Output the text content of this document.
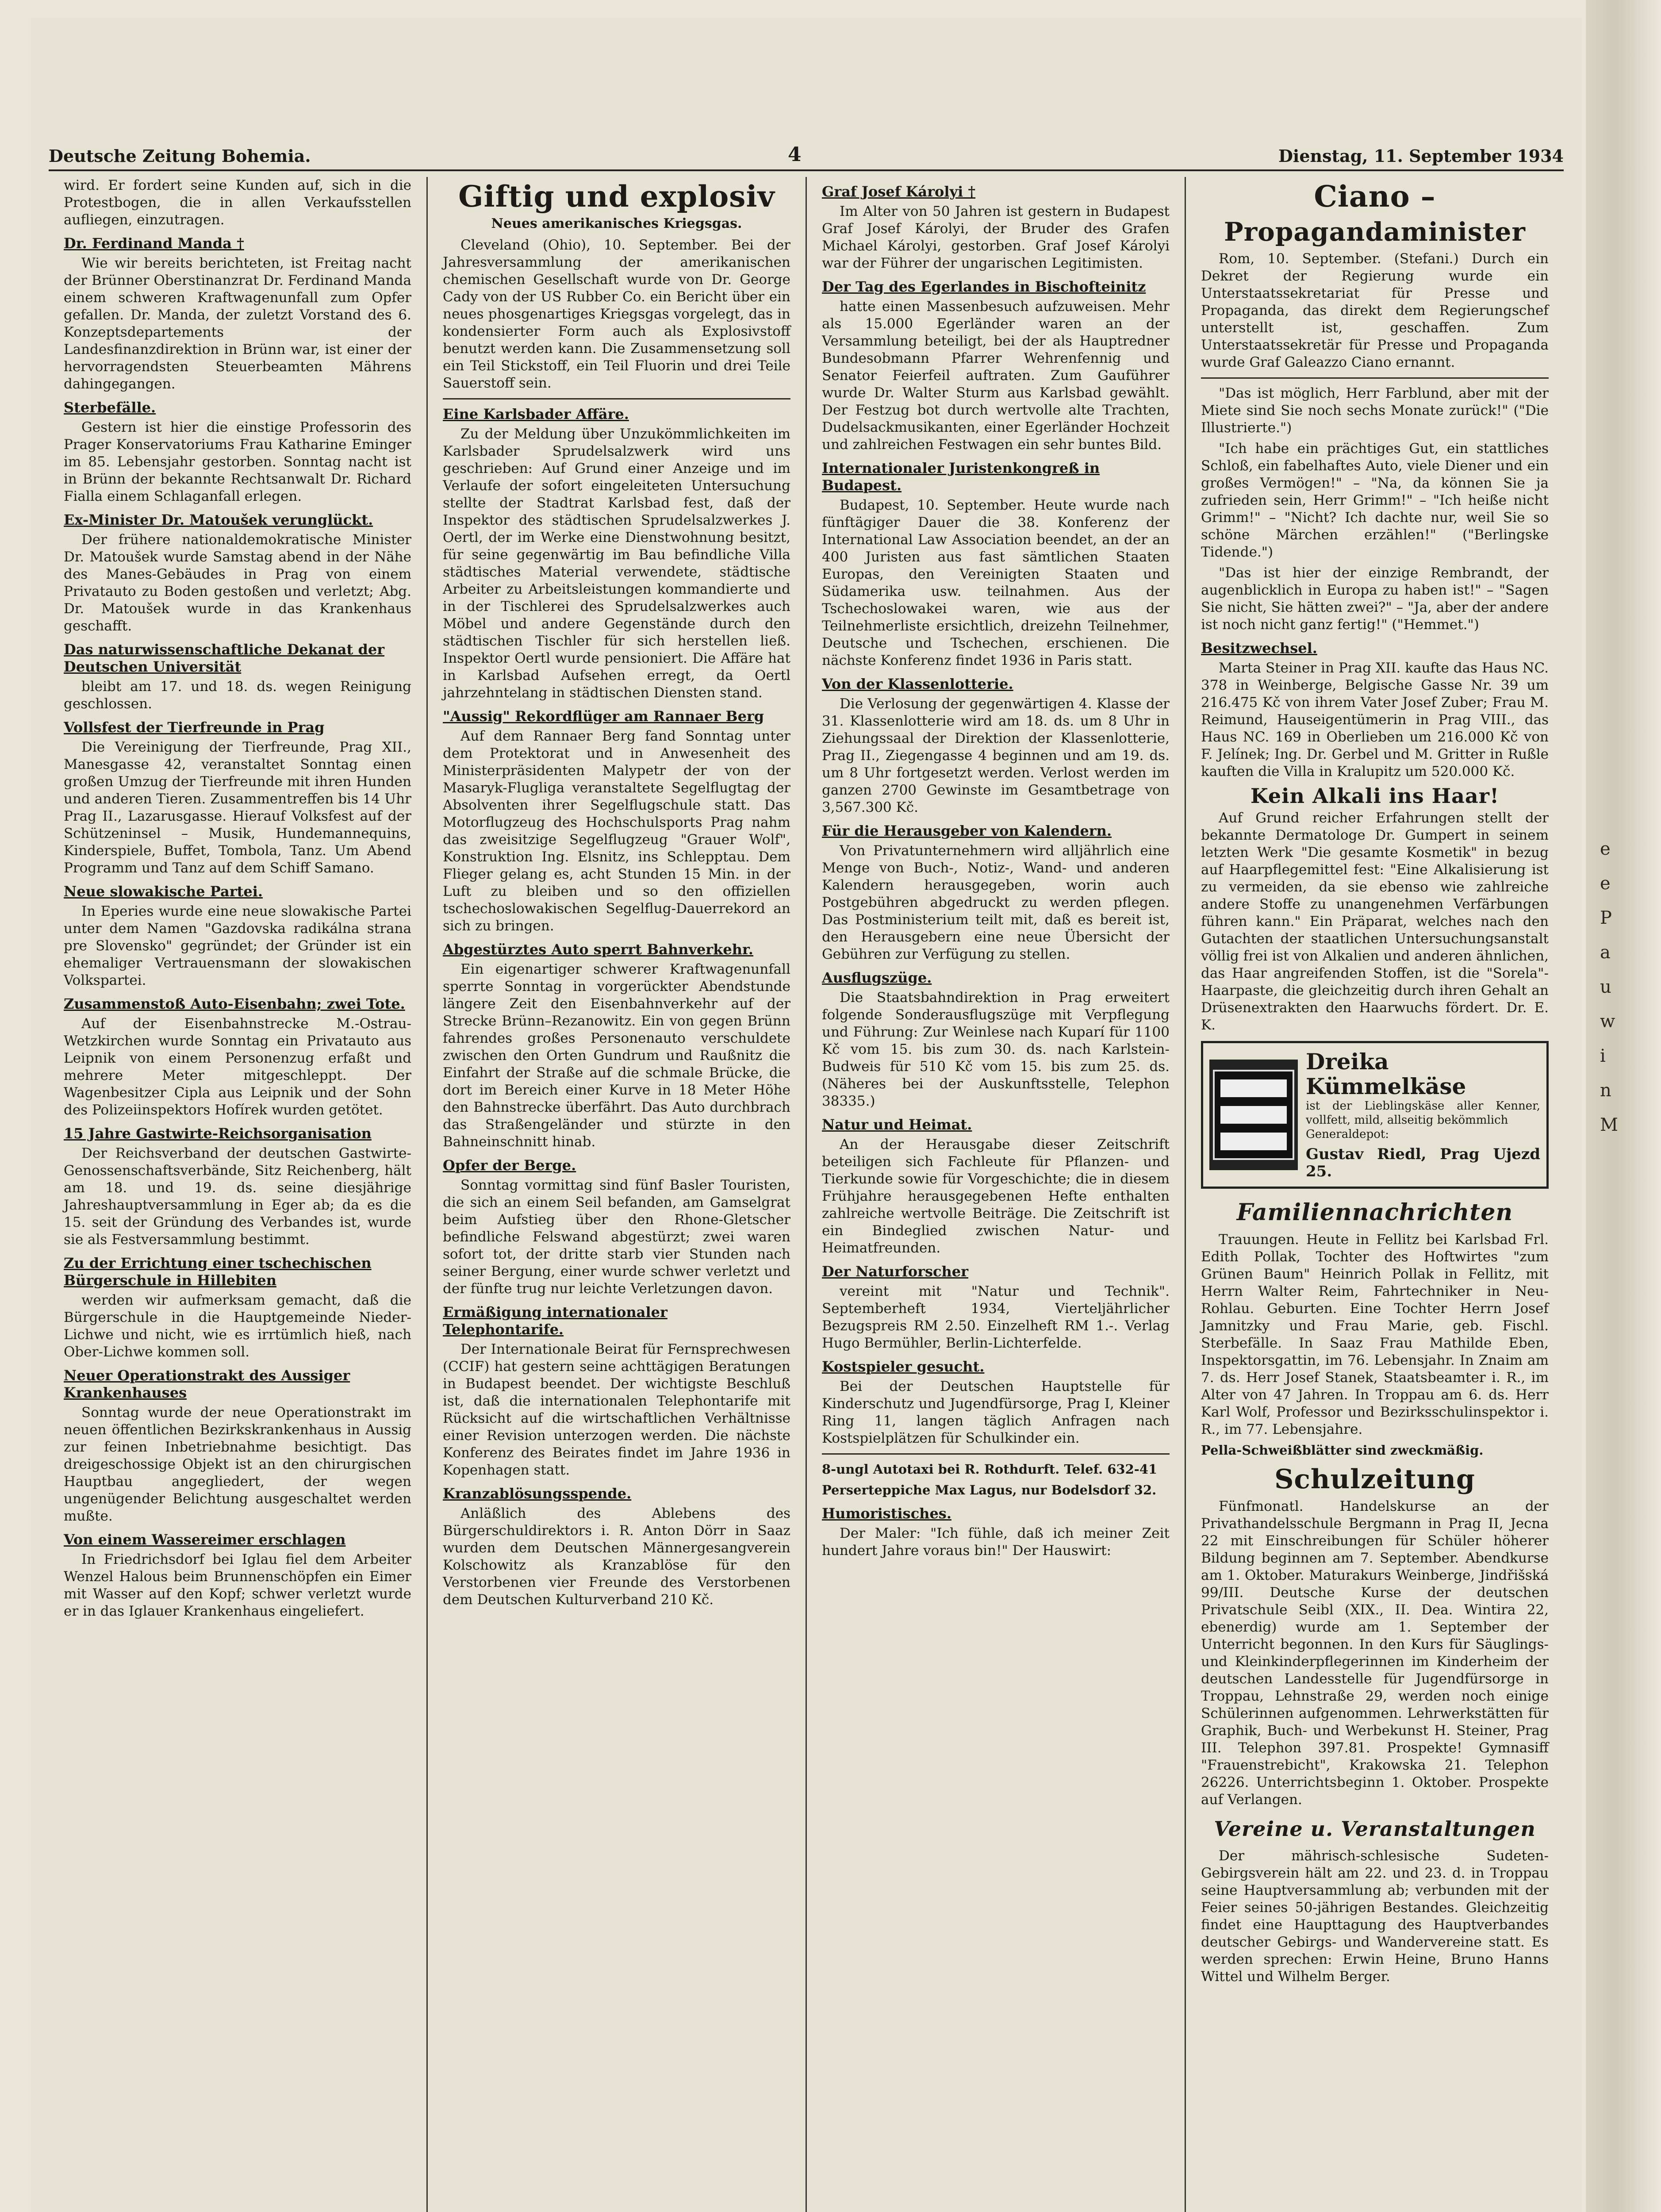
Deutsche Zeitung Bohemia.	4	Dienstag, 11. September 1934

wird. Er fordert seine Kunden auf, sich in die Protestbogen, die in allen Verkaufsstellen aufliegen, einzutragen.

Dr. Ferdinand Manda †

Wie wir bereits berichteten, ist Freitag nacht der Brünner Oberstinanzrat Dr. Ferdinand Manda einem schweren Kraftwagenunfall zum Opfer gefallen. Dr. Manda, der zuletzt Vorstand des 6. Konzeptsdepartements der Landesfinanzdirektion in Brünn war, ist einer der hervorragendsten Steuerbeamten Mährens dahingegangen.

Sterbefälle.

Gestern ist hier die einstige Professorin des Prager Konservatoriums Frau Katharine Eminger im 85. Lebensjahr gestorben. Sonntag nacht ist in Brünn der bekannte Rechtsanwalt Dr. Richard Fialla einem Schlaganfall erlegen.

Ex-Minister Dr. Matoušek verunglückt.

Der frühere nationaldemokratische Minister Dr. Matoušek wurde Samstag abend in der Nähe des Manes-Gebäudes in Prag von einem Privatauto zu Boden gestoßen und verletzt; Abg. Dr. Matoušek wurde in das Krankenhaus geschafft.

Das naturwissenschaftliche Dekanat der Deutschen Universität

bleibt am 17. und 18. ds. wegen Reinigung geschlossen.

Vollsfest der Tierfreunde in Prag

Die Vereinigung der Tierfreunde, Prag XII., Manesgasse 42, veranstaltet Sonntag einen großen Umzug der Tierfreunde mit ihren Hunden und anderen Tieren. Zusammentreffen bis 14 Uhr Prag II., Lazarusgasse. Hierauf Volksfest auf der Schützeninsel – Musik, Hundemannequins, Kinderspiele, Buffet, Tombola, Tanz. Um Abend Programm und Tanz auf dem Schiff Samano.

Neue slowakische Partei.

In Eperies wurde eine neue slowakische Partei unter dem Namen "Gazdovska radikálna strana pre Slovensko" gegründet; der Gründer ist ein ehemaliger Vertrauensmann der slowakischen Volkspartei.

Zusammenstoß Auto-Eisenbahn; zwei Tote.

Auf der Eisenbahnstrecke M.-Ostrau-Wetzkirchen wurde Sonntag ein Privatauto aus Leipnik von einem Personenzug erfaßt und mehrere Meter mitgeschleppt. Der Wagenbesitzer Cipla aus Leipnik und der Sohn des Polizeiinspektors Hofírek wurden getötet.

15 Jahre Gastwirte-Reichsorganisation

Der Reichsverband der deutschen Gastwirte-Genossenschaftsverbände, Sitz Reichenberg, hält am 18. und 19. ds. seine diesjährige Jahreshauptversammlung in Eger ab; da es die 15. seit der Gründung des Verbandes ist, wurde sie als Festversammlung bestimmt.

Zu der Errichtung einer tschechischen Bürgerschule in Hillebiten

werden wir aufmerksam gemacht, daß die Bürgerschule in die Hauptgemeinde Nieder-Lichwe und nicht, wie es irrtümlich hieß, nach Ober-Lichwe kommen soll.

Neuer Operationstrakt des Aussiger Krankenhauses

Sonntag wurde der neue Operationstrakt im neuen öffentlichen Bezirkskrankenhaus in Aussig zur feinen Inbetriebnahme besichtigt. Das dreigeschossige Objekt ist an den chirurgischen Hauptbau angegliedert, der wegen ungenügender Belichtung ausgeschaltet werden mußte.

Von einem Wassereimer erschlagen

In Friedrichsdorf bei Iglau fiel dem Arbeiter Wenzel Halous beim Brunnenschöpfen ein Eimer mit Wasser auf den Kopf; schwer verletzt wurde er in das Iglauer Krankenhaus eingeliefert.

Giftig und explosiv
Neues amerikanisches Kriegsgas.

Cleveland (Ohio), 10. September. Bei der Jahresversammlung der amerikanischen chemischen Gesellschaft wurde von Dr. George Cady von der US Rubber Co. ein Bericht über ein neues phosgenartiges Kriegsgas vorgelegt, das in kondensierter Form auch als Explosivstoff benutzt werden kann. Die Zusammensetzung soll ein Teil Stickstoff, ein Teil Fluorin und drei Teile Sauerstoff sein.

Eine Karlsbader Affäre.

Zu der Meldung über Unzukömmlichkeiten im Karlsbader Sprudelsalzwerk wird uns geschrieben: Auf Grund einer Anzeige und im Verlaufe der sofort eingeleiteten Untersuchung stellte der Stadtrat Karlsbad fest, daß der Inspektor des städtischen Sprudelsalzwerkes J. Oertl, der im Werke eine Dienstwohnung besitzt, für seine gegenwärtig im Bau befindliche Villa städtisches Material verwendete, städtische Arbeiter zu Arbeitsleistungen kommandierte und in der Tischlerei des Sprudelsalzwerkes auch Möbel und andere Gegenstände durch den städtischen Tischler für sich herstellen ließ. Inspektor Oertl wurde pensioniert. Die Affäre hat in Karlsbad Aufsehen erregt, da Oertl jahrzehntelang in städtischen Diensten stand.

"Aussig" Rekordflüger am Rannaer Berg

Auf dem Rannaer Berg fand Sonntag unter dem Protektorat und in Anwesenheit des Ministerpräsidenten Malypetr der von der Masaryk-Flugliga veranstaltete Segelflugtag der Absolventen ihrer Segelflugschule statt. Das Motorflugzeug des Hochschulsports Prag nahm das zweisitzige Segelflugzeug "Grauer Wolf", Konstruktion Ing. Elsnitz, ins Schlepptau. Dem Flieger gelang es, acht Stunden 15 Min. in der Luft zu bleiben und so den offiziellen tschechoslowakischen Segelflug-Dauerrekord an sich zu bringen.

Abgestürztes Auto sperrt Bahnverkehr.

Ein eigenartiger schwerer Kraftwagenunfall sperrte Sonntag in vorgerückter Abendstunde längere Zeit den Eisenbahnverkehr auf der Strecke Brünn–Rezanowitz. Ein von gegen Brünn fahrendes großes Personenauto verschuldete zwischen den Orten Gundrum und Raußnitz die Einfahrt der Straße auf die schmale Brücke, die dort im Bereich einer Kurve in 18 Meter Höhe den Bahnstrecke überfährt. Das Auto durchbrach das Straßengeländer und stürzte in den Bahneinschnitt hinab.

Opfer der Berge.

Sonntag vormittag sind fünf Basler Touristen, die sich an einem Seil befanden, am Gamselgrat beim Aufstieg über den Rhone-Gletscher befindliche Felswand abgestürzt; zwei waren sofort tot, der dritte starb vier Stunden nach seiner Bergung, einer wurde schwer verletzt und der fünfte trug nur leichte Verletzungen davon.

Ermäßigung internationaler Telephontarife.

Der Internationale Beirat für Fernsprechwesen (CCIF) hat gestern seine achttägigen Beratungen in Budapest beendet. Der wichtigste Beschluß ist, daß die internationalen Telephontarife mit Rücksicht auf die wirtschaftlichen Verhältnisse einer Revision unterzogen werden. Die nächste Konferenz des Beirates findet im Jahre 1936 in Kopenhagen statt.

Kranzablösungsspende.

Anläßlich des Ablebens des Bürgerschuldirektors i. R. Anton Dörr in Saaz wurden dem Deutschen Männergesangverein Kolschowitz als Kranzablöse für den Verstorbenen vier Freunde des Verstorbenen dem Deutschen Kulturverband 210 Kč.

Graf Josef Károlyi †

Im Alter von 50 Jahren ist gestern in Budapest Graf Josef Károlyi, der Bruder des Grafen Michael Károlyi, gestorben. Graf Josef Károlyi war der Führer der ungarischen Legitimisten.

Der Tag des Egerlandes in Bischofteinitz

hatte einen Massenbesuch aufzuweisen. Mehr als 15.000 Egerländer waren an der Versammlung beteiligt, bei der als Hauptredner Bundesobmann Pfarrer Wehrenfennig und Senator Feierfeil auftraten. Zum Gauführer wurde Dr. Walter Sturm aus Karlsbad gewählt. Der Festzug bot durch wertvolle alte Trachten, Dudelsackmusikanten, einer Egerländer Hochzeit und zahlreichen Festwagen ein sehr buntes Bild.

Internationaler Juristenkongreß in Budapest.

Budapest, 10. September. Heute wurde nach fünftägiger Dauer die 38. Konferenz der International Law Association beendet, an der an 400 Juristen aus fast sämtlichen Staaten Europas, den Vereinigten Staaten und Südamerika usw. teilnahmen. Aus der Tschechoslowakei waren, wie aus der Teilnehmerliste ersichtlich, dreizehn Teilnehmer, Deutsche und Tschechen, erschienen. Die nächste Konferenz findet 1936 in Paris statt.

Von der Klassenlotterie.

Die Verlosung der gegenwärtigen 4. Klasse der 31. Klassenlotterie wird am 18. ds. um 8 Uhr in Ziehungssaal der Direktion der Klassenlotterie, Prag II., Ziegengasse 4 beginnen und am 19. ds. um 8 Uhr fortgesetzt werden. Verlost werden im ganzen 2700 Gewinste im Gesamtbetrage von 3,567.300 Kč.

Für die Herausgeber von Kalendern.

Von Privatunternehmern wird alljährlich eine Menge von Buch-, Notiz-, Wand- und anderen Kalendern herausgegeben, worin auch Postgebühren abgedruckt zu werden pflegen. Das Postministerium teilt mit, daß es bereit ist, den Herausgebern eine neue Übersicht der Gebühren zur Verfügung zu stellen.

Ausflugszüge.

Die Staatsbahndirektion in Prag erweitert folgende Sonderausflugszüge mit Verpflegung und Führung: Zur Weinlese nach Kuparí für 1100 Kč vom 15. bis zum 30. ds. nach Karlstein-Budweis für 510 Kč vom 15. bis zum 25. ds. (Näheres bei der Auskunftsstelle, Telephon 38335.)

Natur und Heimat.

An der Herausgabe dieser Zeitschrift beteiligen sich Fachleute für Pflanzen- und Tierkunde sowie für Vorgeschichte; die in diesem Frühjahre herausgegebenen Hefte enthalten zahlreiche wertvolle Beiträge. Die Zeitschrift ist ein Bindeglied zwischen Natur- und Heimatfreunden.

Der Naturforscher

vereint mit "Natur und Technik". Septemberheft 1934, Vierteljährlicher Bezugspreis RM 2.50. Einzelheft RM 1.-. Verlag Hugo Bermühler, Berlin-Lichterfelde.

Kostspieler gesucht.

Bei der Deutschen Hauptstelle für Kinderschutz und Jugendfürsorge, Prag I, Kleiner Ring 11, langen täglich Anfragen nach Kostspielplätzen für Schulkinder ein.

8-ungl Autotaxi bei R. Rothdurft. Telef. 632-41

Perserteppiche Max Lagus, nur Bodelsdorf 32.

Humoristisches.

Der Maler: "Ich fühle, daß ich meiner Zeit hundert Jahre voraus bin!" Der Hauswirt:

Ciano –
Propagandaminister

Rom, 10. September. (Stefani.) Durch ein Dekret der Regierung wurde ein Unterstaatssekretariat für Presse und Propaganda, das direkt dem Regierungschef unterstellt ist, geschaffen. Zum Unterstaatssekretär für Presse und Propaganda wurde Graf Galeazzo Ciano ernannt.

"Das ist möglich, Herr Farblund, aber mit der Miete sind Sie noch sechs Monate zurück!" ("Die Illustrierte.")

"Ich habe ein prächtiges Gut, ein stattliches Schloß, ein fabelhaftes Auto, viele Diener und ein großes Vermögen!" – "Na, da können Sie ja zufrieden sein, Herr Grimm!" – "Ich heiße nicht Grimm!" – "Nicht? Ich dachte nur, weil Sie so schöne Märchen erzählen!" ("Berlingske Tidende.")

"Das ist hier der einzige Rembrandt, der augenblicklich in Europa zu haben ist!" – "Sagen Sie nicht, Sie hätten zwei?" – "Ja, aber der andere ist noch nicht ganz fertig!" ("Hemmet.")

Besitzwechsel.

Marta Steiner in Prag XII. kaufte das Haus NC. 378 in Weinberge, Belgische Gasse Nr. 39 um 216.475 Kč von ihrem Vater Josef Zuber; Frau M. Reimund, Hauseigentümerin in Prag VIII., das Haus NC. 169 in Oberlieben um 216.000 Kč von F. Jelínek; Ing. Dr. Gerbel und M. Gritter in Rußle kauften die Villa in Kralupitz um 520.000 Kč.

Kein Alkali ins Haar!

Auf Grund reicher Erfahrungen stellt der bekannte Dermatologe Dr. Gumpert in seinem letzten Werk "Die gesamte Kosmetik" in bezug auf Haarpflegemittel fest: "Eine Alkalisierung ist zu vermeiden, da sie ebenso wie zahlreiche andere Stoffe zu unangenehmen Verfärbungen führen kann." Ein Präparat, welches nach den Gutachten der staatlichen Untersuchungsanstalt völlig frei ist von Alkalien und anderen ähnlichen, das Haar angreifenden Stoffen, ist die "Sorela"-Haarpaste, die gleichzeitig durch ihren Gehalt an Drüsenextrakten den Haarwuchs fördert. Dr. E. K.

Dreika Kümmelkäse
ist der Lieblingskäse aller Kenner, vollfett, mild, allseitig bekömmlich
Generaldepot:
Gustav Riedl, Prag Ujezd 25.
Familiennachrichten

Trauungen. Heute in Fellitz bei Karlsbad Frl. Edith Pollak, Tochter des Hoftwirtes "zum Grünen Baum" Heinrich Pollak in Fellitz, mit Herrn Walter Reim, Fahrtechniker in Neu-Rohlau. Geburten. Eine Tochter Herrn Josef Jamnitzky und Frau Marie, geb. Fischl. Sterbefälle. In Saaz Frau Mathilde Eben, Inspektorsgattin, im 76. Lebensjahr. In Znaim am 7. ds. Herr Josef Stanek, Staatsbeamter i. R., im Alter von 47 Jahren. In Troppau am 6. ds. Herr Karl Wolf, Professor und Bezirksschulinspektor i. R., im 77. Lebensjahre.

Pella-Schweißblätter sind zweckmäßig.

Schulzeitung

Fünfmonatl. Handelskurse an der Privathandelsschule Bergmann in Prag II, Jecna 22 mit Einschreibungen für Schüler höherer Bildung beginnen am 7. September. Abendkurse am 1. Oktober. Maturakurs Weinberge, Jindřišská 99/III. Deutsche Kurse der deutschen Privatschule Seibl (XIX., II. Dea. Wintira 22, ebenerdig) wurde am 1. September der Unterricht begonnen. In den Kurs für Säuglings- und Kleinkinderpflegerinnen im Kinderheim der deutschen Landesstelle für Jugendfürsorge in Troppau, Lehnstraße 29, werden noch einige Schülerinnen aufgenommen. Lehrwerkstätten für Graphik, Buch- und Werbekunst H. Steiner, Prag III. Telephon 397.81. Prospekte! Gymnasiff "Frauenstrebicht", Krakowska 21. Telephon 26226. Unterrichtsbeginn 1. Oktober. Prospekte auf Verlangen.

Vereine u. Veranstaltungen

Der mährisch-schlesische Sudeten-Gebirgsverein hält am 22. und 23. d. in Troppau seine Hauptversammlung ab; verbunden mit der Feier seines 50-jährigen Bestandes. Gleichzeitig findet eine Haupttagung des Hauptverbandes deutscher Gebirgs- und Wandervereine statt. Es werden sprechen: Erwin Heine, Bruno Hanns Wittel und Wilhelm Berger.

e
e
P
a
u
w
i
n
M
